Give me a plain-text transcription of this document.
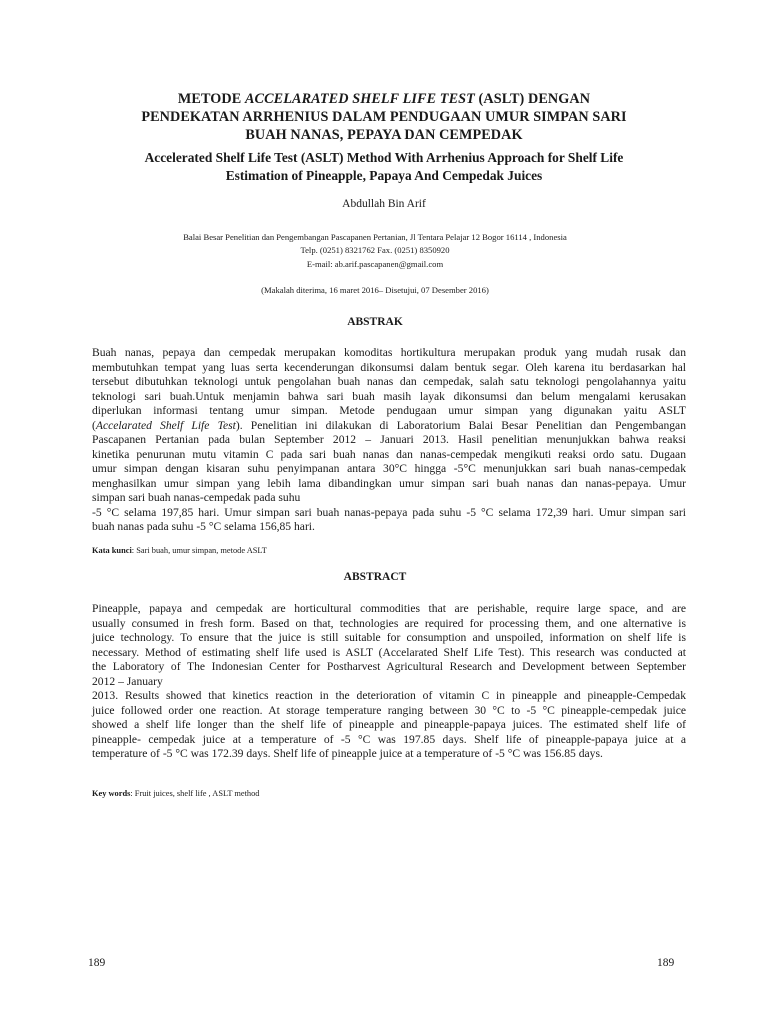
METODE ACCELARATED SHELF LIFE TEST (ASLT) DENGAN
PENDEKATAN ARRHENIUS DALAM PENDUGAAN UMUR SIMPAN SARI
BUAH NANAS, PEPAYA DAN CEMPEDAK
Accelerated Shelf Life Test (ASLT) Method With Arrhenius Approach for Shelf Life
Estimation of Pineapple, Papaya And Cempedak Juices
Abdullah Bin Arif
Balai Besar Penelitian dan Pengembangan Pascapanen Pertanian, Jl Tentara Pelajar 12 Bogor 16114 , Indonesia
Telp. (0251) 8321762 Fax. (0251) 8350920
E-mail: ab.arif.pascapanen@gmail.com
(Makalah diterima, 16 maret 2016– Disetujui, 07 Desember 2016)
ABSTRAK
Buah nanas, pepaya dan cempedak merupakan komoditas hortikultura merupakan produk yang mudah rusak dan
membutuhkan tempat yang luas serta kecenderungan dikonsumsi dalam bentuk segar. Oleh karena itu berdasarkan hal
tersebut dibutuhkan teknologi untuk pengolahan buah nanas dan cempedak, salah satu teknologi pengolahannya yaitu
teknologi sari buah.Untuk menjamin bahwa sari buah masih layak dikonsumsi dan belum mengalami kerusakan
diperlukan informasi tentang umur simpan. Metode pendugaan umur simpan yang digunakan yaitu ASLT
(Accelarated Shelf Life Test). Penelitian ini dilakukan di Laboratorium Balai Besar Penelitian dan Pengembangan
Pascapanen Pertanian pada bulan September 2012 – Januari 2013. Hasil penelitian menunjukkan bahwa reaksi
kinetika penurunan mutu vitamin C pada sari buah nanas dan nanas-cempedak mengikuti reaksi ordo satu. Dugaan
umur simpan dengan kisaran suhu penyimpanan antara 30°C hingga -5°C menunjukkan sari buah nanas-cempedak
menghasilkan umur simpan yang lebih lama dibandingkan umur simpan sari buah nanas dan nanas-pepaya. Umur
simpan sari buah nanas-cempedak pada suhu
-5 °C selama 197,85 hari. Umur simpan sari buah nanas-pepaya pada suhu -5 °C selama 172,39 hari. Umur simpan sari
buah nanas pada suhu -5 °C selama 156,85 hari.
Kata kunci: Sari buah, umur simpan, metode ASLT
ABSTRACT
Pineapple, papaya and cempedak are horticultural commodities that are perishable, require large space, and are
usually consumed in fresh form. Based on that, technologies are required for processing them, and one alternative is
juice technology. To ensure that the juice is still suitable for consumption and unspoiled, information on shelf life is
necessary. Method of estimating shelf life used is ASLT (Accelarated Shelf Life Test). This research was conducted at
the Laboratory of The Indonesian Center for Postharvest Agricultural Research and Development between September
2012 – January
2013. Results showed that kinetics reaction in the deterioration of vitamin C in pineapple and pineapple-Cempedak
juice followed order one reaction. At storage temperature ranging between 30 °C to -5 °C pineapple-cempedak juice
showed a shelf life longer than the shelf life of pineapple and pineapple-papaya juices. The estimated shelf life of
pineapple- cempedak juice at a temperature of -5 °C was 197.85 days. Shelf life of pineapple-papaya juice at a
temperature of -5 °C was 172.39 days. Shelf life of pineapple juice at a temperature of -5 °C was 156.85 days.
Key words: Fruit juices, shelf life , ASLT method
189	189
